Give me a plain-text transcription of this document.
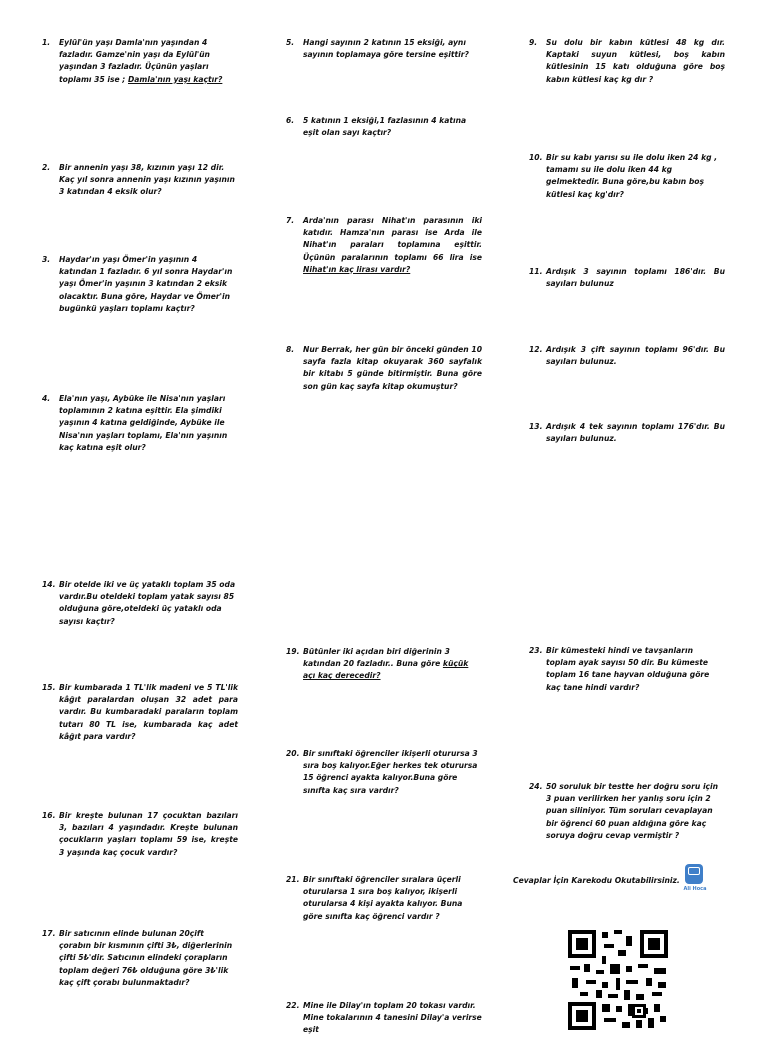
1. Eylül'ün yaşı Damla'nın yaşından 4 fazladır. Gamze'nin yaşı da Eylül'ün yaşından 3 fazladır. Üçünün yaşları toplamı 35 ise ; Damla'nın yaşı kaçtır?
2. Bir annenin yaşı 38, kızının yaşı 12 dir. Kaç yıl sonra annenin yaşı kızının yaşının 3 katından 4 eksik olur?
3. Haydar'ın yaşı Ömer'in yaşının 4 katından 1 fazladır. 6 yıl sonra Haydar'ın yaşı Ömer'in yaşının 3 katından 2 eksik olacaktır. Buna göre, Haydar ve Ömer'in bugünkü yaşları toplamı kaçtır?
4. Ela'nın yaşı, Aybüke ile Nisa'nın yaşları toplamının 2 katına eşittir. Ela şimdiki yaşının 4 katına geldiğinde, Aybüke ile Nisa'nın yaşları toplamı, Ela'nın yaşının kaç katına eşit olur?
14. Bir otelde iki ve üç yataklı toplam 35 oda vardır.Bu oteldeki toplam yatak sayısı 85 olduğuna göre,oteldeki üç yataklı oda sayısı kaçtır?
15. Bir kumbarada 1 TL'lik madeni ve 5 TL'lik kâğıt paralardan oluşan 32 adet para vardır. Bu kumbaradaki paraların toplam tutarı 80 TL ise, kumbarada kaç adet kâğıt para vardır?
16. Bir kreşte bulunan 17 çocuktan bazıları 3, bazıları 4 yaşındadır. Kreşte bulunan çocukların yaşları toplamı 59 ise, kreşte 3 yaşında kaç çocuk vardır?
17. Bir satıcının elinde bulunan 20çift çorabın bir kısmının çifti 3₺, diğerlerinin çifti 5₺'dir. Satıcının elindeki çorapların toplam değeri 76₺ olduğuna göre 3₺'lik kaç çift çorabı bulunmaktadır?
5. Hangi sayının 2 katının 15 eksiği, aynı sayının toplamaya göre tersine eşittir?
6. 5 katının 1 eksiği,1 fazlasının 4 katına eşit olan sayı kaçtır?
7. Arda'nın parası Nihat'ın parasının iki katıdır. Hamza'nın parası ise Arda ile Nihat'ın paraları toplamına eşittir. Üçünün paralarının toplamı 66 lira ise Nihat'ın kaç lirası vardır?
8. Nur Berrak, her gün bir önceki günden 10 sayfa fazla kitap okuyarak 360 sayfalık bir kitabı 5 günde bitirmiştir. Buna göre son gün kaç sayfa kitap okumuştur?
19. Bütünler iki açıdan biri diğerinin 3 katından 20 fazladır.. Buna göre küçük açı kaç derecedir?
20. Bir sınıftaki öğrenciler ikişerli oturursa 3 sıra boş kalıyor.Eğer herkes tek oturursa 15 öğrenci ayakta kalıyor.Buna göre sınıfta kaç sıra vardır?
21. Bir sınıftaki öğrenciler sıralara üçerli oturularsa 1 sıra boş kalıyor, ikişerli oturularsa 4 kişi ayakta kalıyor. Buna göre sınıfta kaç öğrenci vardır ?
22. Mine ile Dilay'ın toplam 20 tokası vardır. Mine tokalarının 4 tanesini Dilay'a verirse eşit
9. Su dolu bir kabın kütlesi 48 kg dır. Kaptaki suyun kütlesi, boş kabın kütlesinin 15 katı olduğuna göre boş kabın kütlesi kaç kg dır ?
10. Bir su kabı yarısı su ile dolu iken 24 kg , tamamı su ile dolu iken 44 kg gelmektedir. Buna göre,bu kabın boş kütlesi kaç kg'dır?
11. Ardışık 3 sayının toplamı 186'dır. Bu sayıları bulunuz
12. Ardışık 3 çift sayının toplamı 96'dır. Bu sayıları bulunuz.
13. Ardışık 4 tek sayının toplamı 176'dır. Bu sayıları bulunuz.
23. Bir kümesteki hindi ve tavşanların toplam ayak sayısı 50 dir. Bu kümeste toplam 16 tane hayvan olduğuna göre kaç tane hindi vardır?
24. 50 soruluk bir testte her doğru soru için 3 puan verilirken her yanlış soru için 2 puan siliniyor. Tüm soruları cevaplayan bir öğrenci 60 puan aldığına göre kaç soruya doğru cevap vermiştir ?
Cevaplar İçin Karekodu Okutabilirsiniz.
Ali Hoca
